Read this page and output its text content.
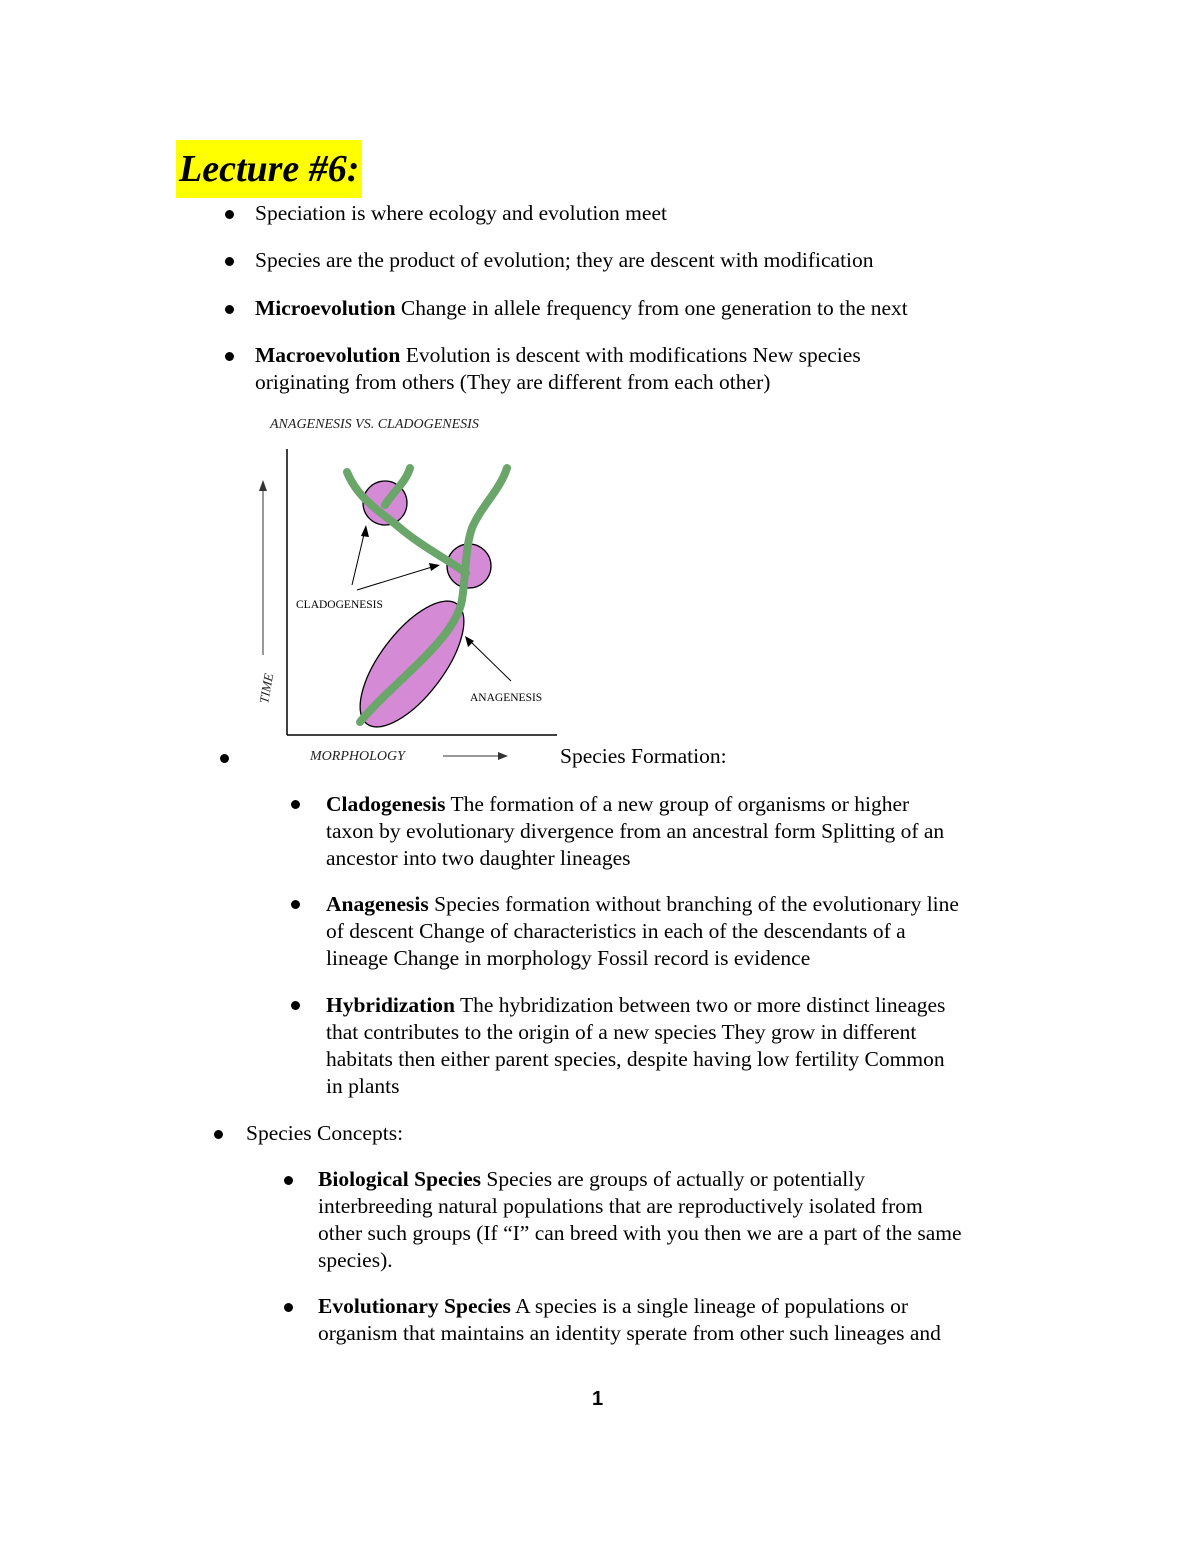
Lecture #6:
Speciation is where ecology and evolution meet
Species are the product of evolution; they are descent with modification
Microevolution Change in allele frequency from one generation to the next
Macroevolution Evolution is descent with modifications New species
originating from others (They are different from each other)
ANAGENESIS VS. CLADOGENESIS
TIME
MORPHOLOGY
CLADOGENESIS
ANAGENESIS
Species Formation:
Cladogenesis The formation of a new group of organisms or higher
taxon by evolutionary divergence from an ancestral form Splitting of an
ancestor into two daughter lineages
Anagenesis Species formation without branching of the evolutionary line
of descent Change of characteristics in each of the descendants of a
lineage Change in morphology Fossil record is evidence
Hybridization The hybridization between two or more distinct lineages
that contributes to the origin of a new species They grow in different
habitats then either parent species, despite having low fertility Common
in plants
Species Concepts:
Biological Species Species are groups of actually or potentially
interbreeding natural populations that are reproductively isolated from
other such groups (If “I” can breed with you then we are a part of the same
species).
Evolutionary Species A species is a single lineage of populations or
organism that maintains an identity sperate from other such lineages and
1
